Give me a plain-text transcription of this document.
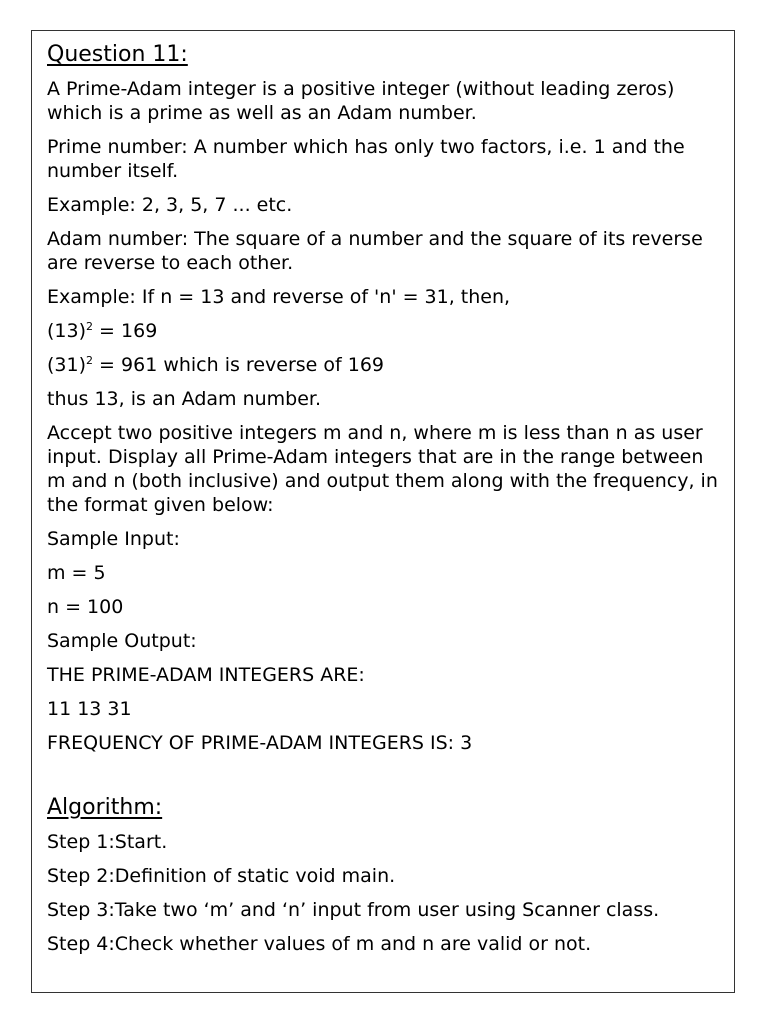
Question 11:
A Prime-Adam integer is a positive integer (without leading zeros) which is a prime as well as an Adam number.
Prime number: A number which has only two factors, i.e. 1 and the number itself.
Example: 2, 3, 5, 7 ... etc.
Adam number: The square of a number and the square of its reverse are reverse to each other.
Example: If n = 13 and reverse of 'n' = 31, then,
$(13)^2 = 169$
$(31)^2 = 961$ which is reverse of 169
thus 13, is an Adam number.
Accept two positive integers m and n, where m is less than n as user input. Display all Prime-Adam integers that are in the range between m and n (both inclusive) and output them along with the frequency, in the format given below:
Sample Input:
m = 5
n = 100
Sample Output:
THE PRIME-ADAM INTEGERS ARE:
11 13 31
FREQUENCY OF PRIME-ADAM INTEGERS IS: 3
Algorithm:
Step 1:Start.
Step 2:Definition of static void main.
Step 3:Take two ‘m’ and ‘n’ input from user using Scanner class.
Step 4:Check whether values of m and n are valid or not.
